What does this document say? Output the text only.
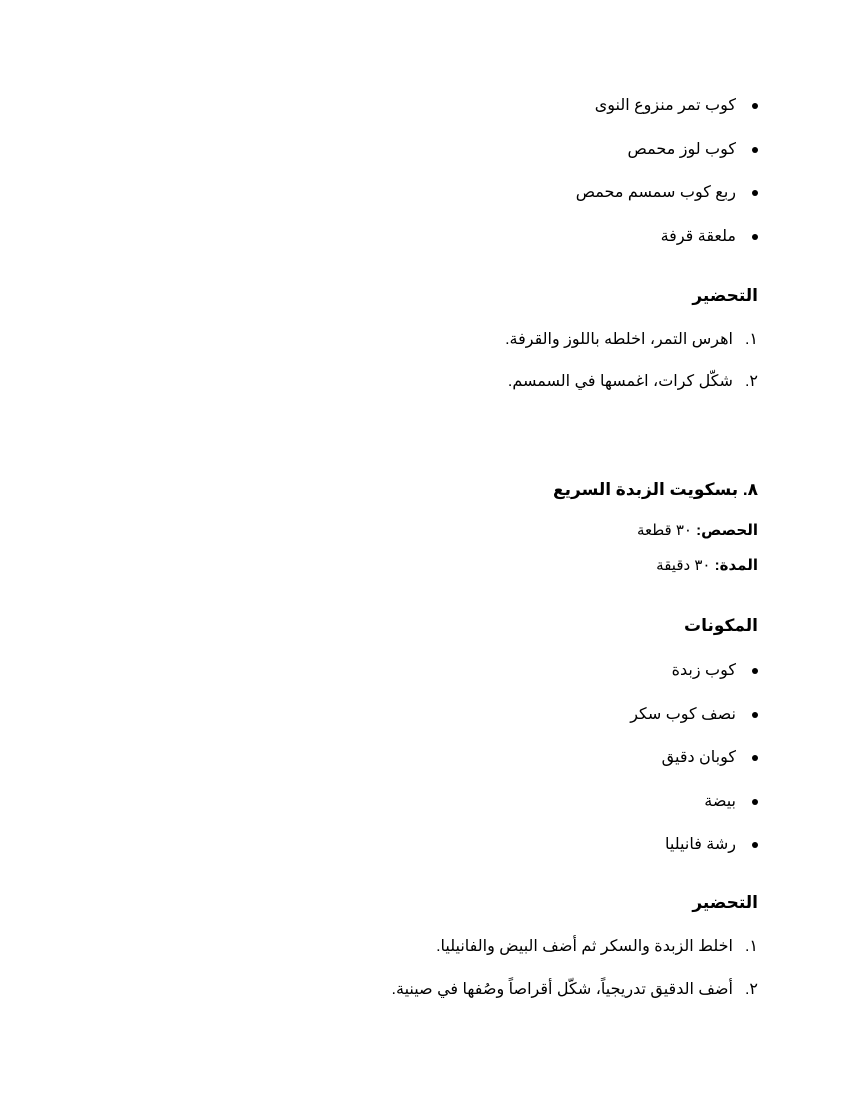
كوب تمر منزوع النوى
كوب لوز محمص
ربع كوب سمسم محمص
ملعقة قرفة
التحضير
١.
اهرس التمر، اخلطه باللوز والقرفة.
٢.
شكّل كرات، اغمسها في السمسم.
٨. بسكويت الزبدة السريع
الحصص: ٣٠ قطعة
المدة: ٣٠ دقيقة
المكونات
كوب زبدة
نصف كوب سكر
كوبان دقيق
بيضة
رشة فانيليا
التحضير
١.
اخلط الزبدة والسكر ثم أضف البيض والفانيليا.
٢.
أضف الدقيق تدريجياً، شكّل أقراصاً وصُفها في صينية.
